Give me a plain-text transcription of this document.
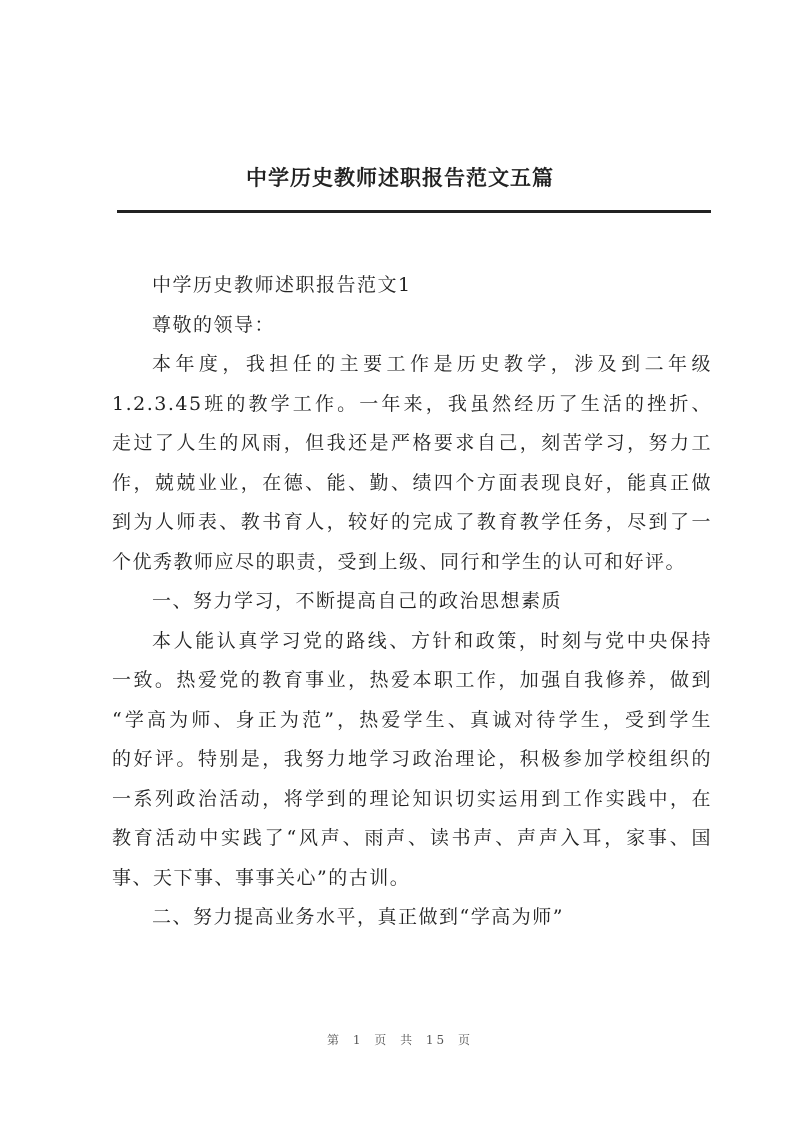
中学历史教师述职报告范文五篇
中学历史教师述职报告范文1
尊敬的领导：
本年度，我担任的主要工作是历史教学，涉及到二年级
1.2.3.45班的教学工作。一年来，我虽然经历了生活的挫折、
走过了人生的风雨，但我还是严格要求自己，刻苦学习，努力工
作，兢兢业业，在德、能、勤、绩四个方面表现良好，能真正做
到为人师表、教书育人，较好的完成了教育教学任务，尽到了一
个优秀教师应尽的职责，受到上级、同行和学生的认可和好评。
一、努力学习，不断提高自己的政治思想素质
本人能认真学习党的路线、方针和政策，时刻与党中央保持
一致。热爱党的教育事业，热爱本职工作，加强自我修养，做到
“学高为师、身正为范”，热爱学生、真诚对待学生，受到学生
的好评。特别是，我努力地学习政治理论，积极参加学校组织的
一系列政治活动，将学到的理论知识切实运用到工作实践中，在
教育活动中实践了“风声、雨声、读书声、声声入耳，家事、国
事、天下事、事事关心”的古训。
二、努力提高业务水平，真正做到“学高为师”
第 1 页 共 15 页
